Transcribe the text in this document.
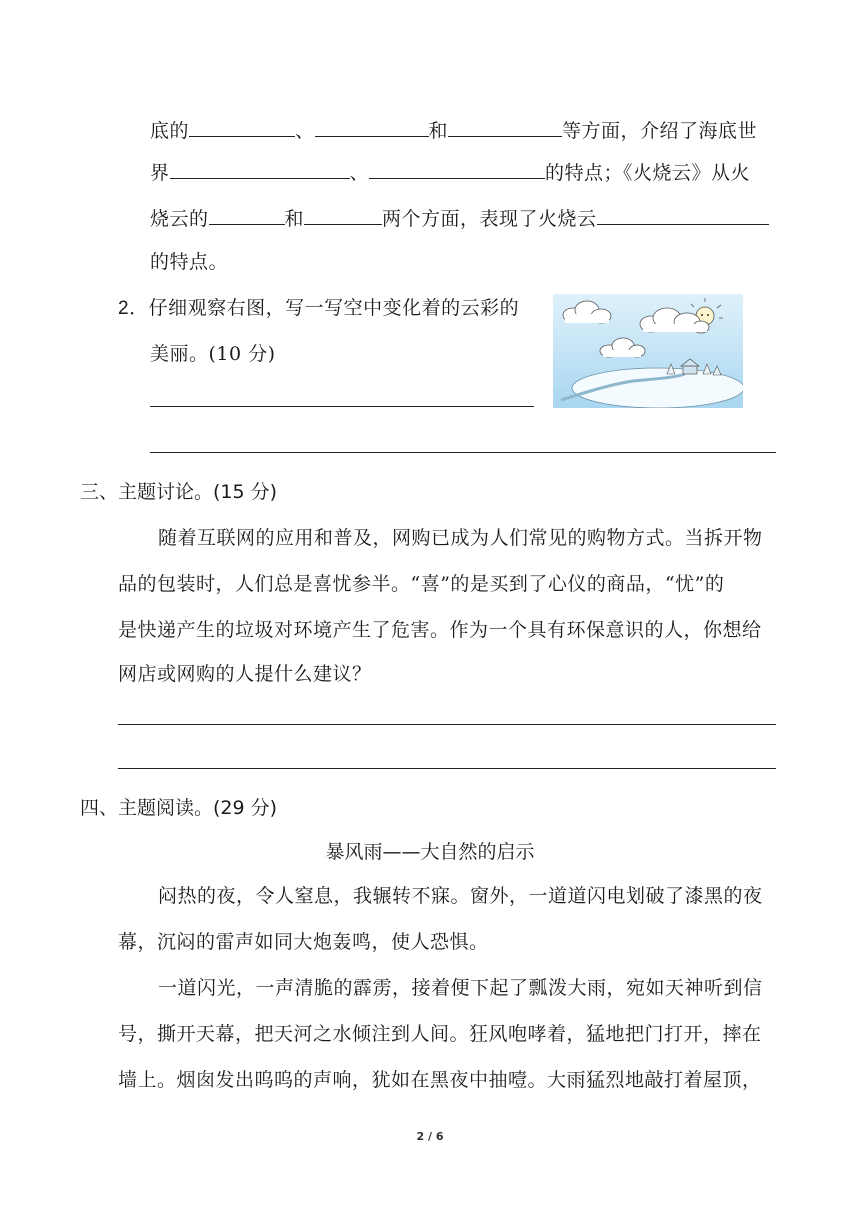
底的	、	和	等方面，介绍了海底世
界	、	的特点；《火烧云》从火
烧云的	和	两个方面，表现了火烧云
的特点。
2．仔细观察右图，写一写空中变化着的云彩的
美丽。(10 分)
三、主题讨论。(15 分)
随着互联网的应用和普及，网购已成为人们常见的购物方式。当拆开物
品的包装时，人们总是喜忧参半。“喜”的是买到了心仪的商品，“忧”的
是快递产生的垃圾对环境产生了危害。作为一个具有环保意识的人，你想给
网店或网购的人提什么建议？
四、主题阅读。(29 分)
暴风雨——大自然的启示
闷热的夜，令人窒息，我辗转不寐。窗外，一道道闪电划破了漆黑的夜
幕，沉闷的雷声如同大炮轰鸣，使人恐惧。
一道闪光，一声清脆的霹雳，接着便下起了瓢泼大雨，宛如天神听到信
号，撕开天幕，把天河之水倾注到人间。狂风咆哮着，猛地把门打开，摔在
墙上。烟囱发出呜呜的声响，犹如在黑夜中抽噎。大雨猛烈地敲打着屋顶，
2 / 6
